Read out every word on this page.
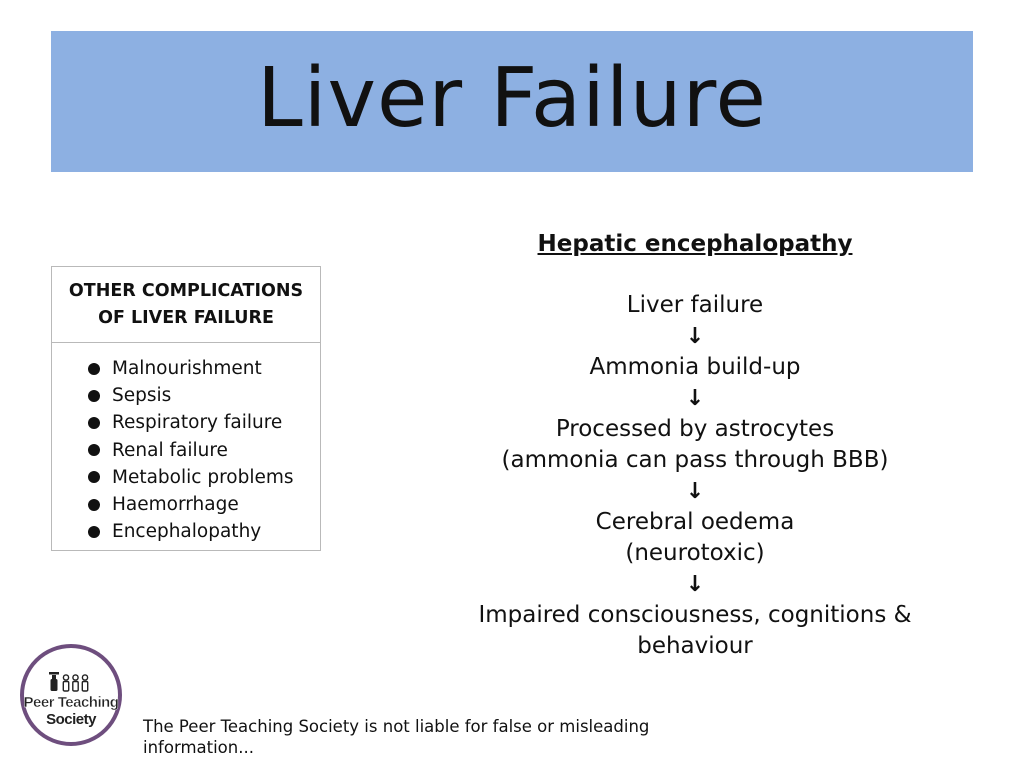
Liver Failure
OTHER COMPLICATIONS OF LIVER FAILURE
Malnourishment
Sepsis
Respiratory failure
Renal failure
Metabolic problems
Haemorrhage
Encephalopathy
Hepatic encephalopathy
Liver failure
↓
Ammonia build-up
↓
Processed by astrocytes
(ammonia can pass through BBB)
↓
Cerebral oedema
(neurotoxic)
↓
Impaired consciousness, cognitions &
behaviour
Peer Teaching
Society	The Peer Teaching Society is not liable for false or misleading information...
